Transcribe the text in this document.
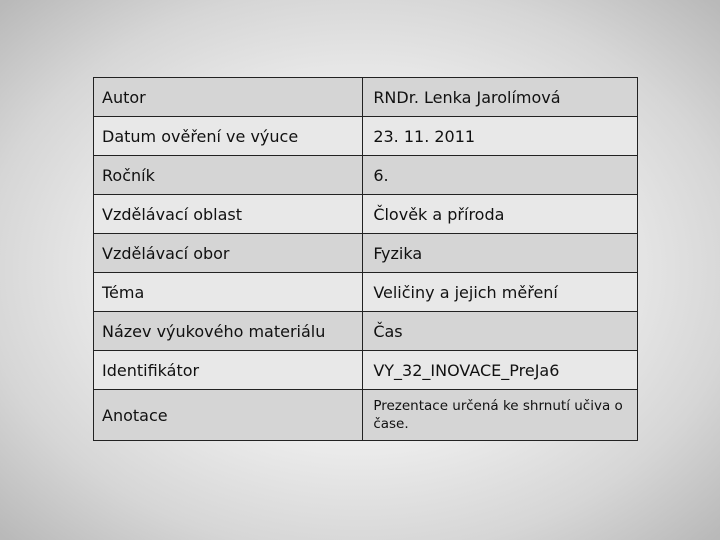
Autor	RNDr. Lenka Jarolímová
Datum ověření ve výuce	23. 11. 2011
Ročník	6.
Vzdělávací oblast	Člověk a příroda
Vzdělávací obor	Fyzika
Téma	Veličiny a jejich měření
Název výukového materiálu	Čas
Identifikátor	VY_32_INOVACE_PreJa6
Anotace	Prezentace určená ke shrnutí učiva o čase.
